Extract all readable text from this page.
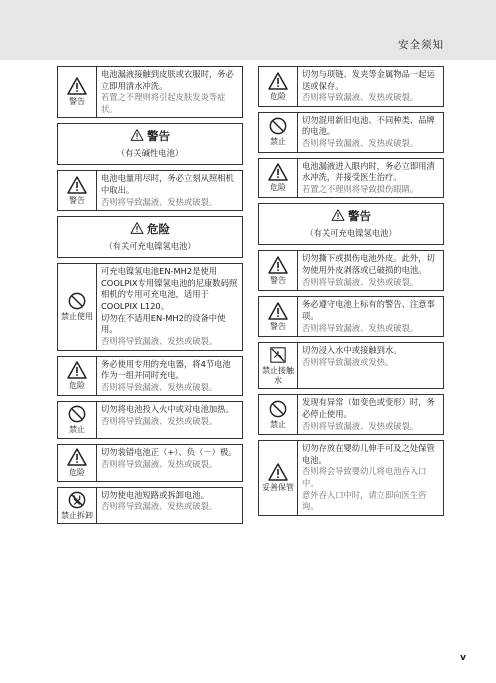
安全须知
警告
电池漏液接触到皮肤或衣服时，务必立即用清水冲洗。
若置之不理则将引起皮肤发炎等症状。
警告
（有关碱性电池）
警告
电池电量用尽时，务必立刻从照相机中取出。
否则将导致漏液、发热或破裂。
危险
（有关可充电镍氢电池）
禁止使用
可充电镍氢电池EN-MH2是使用COOLPIX专用镍氢电池的尼康数码照相机的专用可充电池，适用于COOLPIX L120。
切勿在不适用EN-MH2的设备中使用。
否则将导致漏液、发热或破裂。
危险
务必使用专用的充电器，将4节电池作为一组并同时充电。
否则将导致漏液、发热或破裂。
禁止
切勿将电池投入火中或对电池加热。
否则将导致漏液、发热或破裂。
危险
切勿装错电池正（+）、负（－）极。
否则将导致漏液、发热或破裂。
禁止拆卸
切勿使电池短路或拆卸电池。
否则将导致漏液、发热或破裂。
危险
切勿与项链、发夹等金属物品一起运送或保存。
否则将导致漏液、发热或破裂。
禁止
切勿混用新旧电池、不同种类、品牌的电池。
否则将导致漏液、发热或破裂。
危险
电池漏液进入眼内时，务必立即用清水冲洗，并接受医生治疗。
若置之不理则将导致损伤眼睛。
警告
（有关可充电镍氢电池）
警告
切勿撕下或损伤电池外皮。此外，切勿使用外皮剥落或已破损的电池。
否则将导致漏液、发热或破裂。
警告
务必遵守电池上标有的警告、注意事项。
否则将导致漏液、发热或破裂。
禁止接触水
切勿浸入水中或接触到水。
否则将导致漏液或发热。
禁止
发现有异常（如变色或变形）时，务必停止使用。
否则将导致漏液、发热或破裂。
妥善保管
切勿存放在婴幼儿伸手可及之处保管电池。
否则将会导致婴幼儿将电池吞入口中。
意外吞入口中时，请立即向医生咨询。
v
